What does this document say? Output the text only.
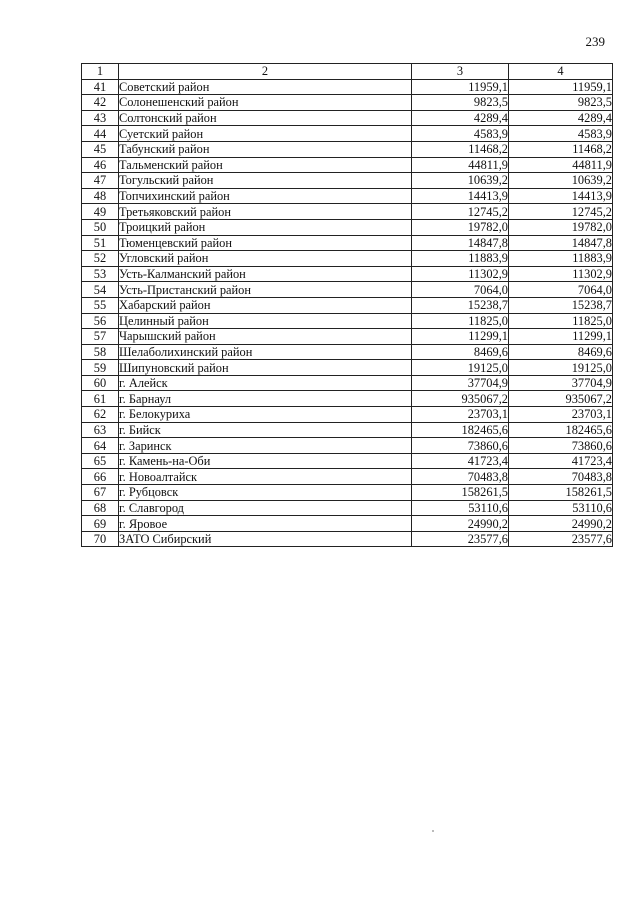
239
1	2	3	4
41	Советский район	11959,1	11959,1
42	Солонешенский район	9823,5	9823,5
43	Солтонский район	4289,4	4289,4
44	Суетский район	4583,9	4583,9
45	Табунский район	11468,2	11468,2
46	Тальменский район	44811,9	44811,9
47	Тогульский район	10639,2	10639,2
48	Топчихинский район	14413,9	14413,9
49	Третьяковский район	12745,2	12745,2
50	Троицкий район	19782,0	19782,0
51	Тюменцевский район	14847,8	14847,8
52	Угловский район	11883,9	11883,9
53	Усть-Калманский район	11302,9	11302,9
54	Усть-Пристанский район	7064,0	7064,0
55	Хабарский район	15238,7	15238,7
56	Целинный район	11825,0	11825,0
57	Чарышский район	11299,1	11299,1
58	Шелаболихинский район	8469,6	8469,6
59	Шипуновский район	19125,0	19125,0
60	г. Алейск	37704,9	37704,9
61	г. Барнаул	935067,2	935067,2
62	г. Белокуриха	23703,1	23703,1
63	г. Бийск	182465,6	182465,6
64	г. Заринск	73860,6	73860,6
65	г. Камень-на-Оби	41723,4	41723,4
66	г. Новоалтайск	70483,8	70483,8
67	г. Рубцовск	158261,5	158261,5
68	г. Славгород	53110,6	53110,6
69	г. Яровое	24990,2	24990,2
70	ЗАТО Сибирский	23577,6	23577,6
